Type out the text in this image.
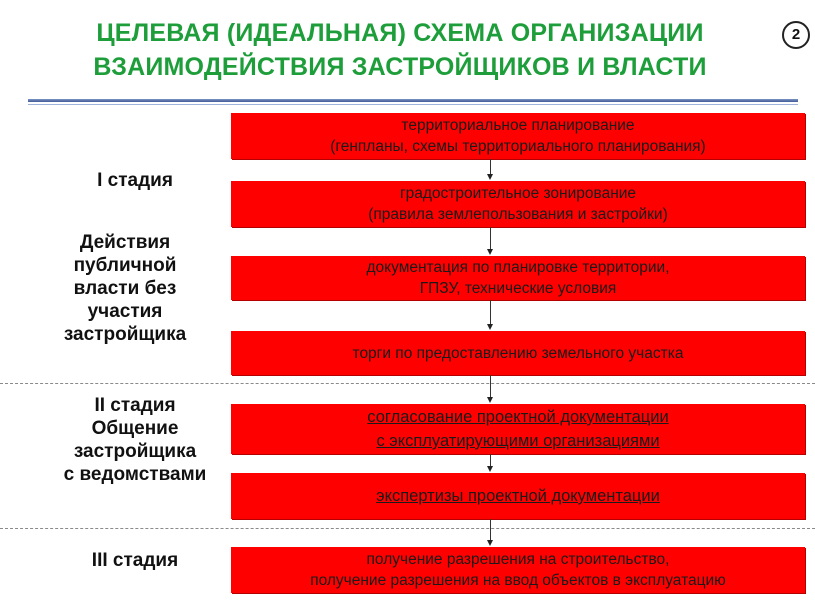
ЦЕЛЕВАЯ (ИДЕАЛЬНАЯ) СХЕМА ОРГАНИЗАЦИИ
ВЗАИМОДЕЙСТВИЯ ЗАСТРОЙЩИКОВ И ВЛАСТИ
2
I стадия
Действия
публичной
власти без
участия
застройщика
II стадия
Общение
застройщика
с ведомствами
III стадия
территориальное планирование
(генпланы, схемы территориального планирования)
градостроительное зонирование
(правила землепользования и застройки)
документация по планировке территории,
ГПЗУ, технические условия
торги по предоставлению земельного участка
согласование проектной документации
с эксплуатирующими организациями
экспертизы проектной документации
получение разрешения на строительство,
получение разрешения на ввод объектов в эксплуатацию
